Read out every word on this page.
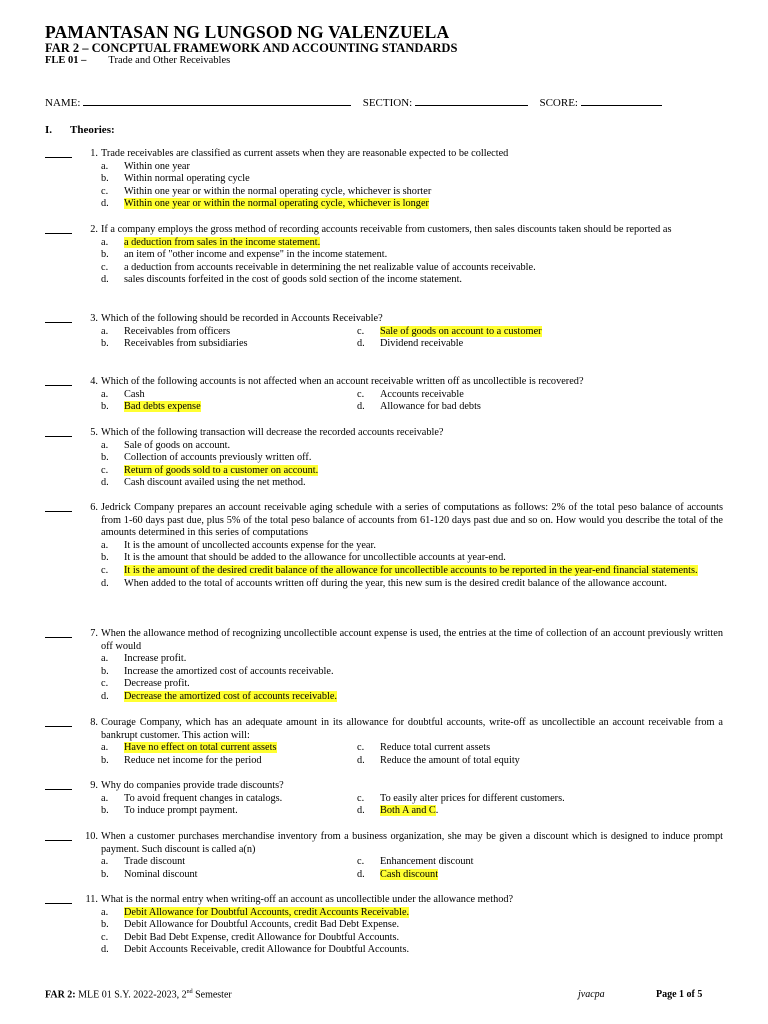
PAMANTASAN NG LUNGSOD NG VALENZUELA
FAR 2 – CONCPTUAL FRAMEWORK AND ACCOUNTING STANDARDS
FLE 01 – Trade and Other Receivables
NAME:	SECTION:	SCORE:
I. Theories:
1. Trade receivables are classified as current assets when they are reasonable expected to be collected
a. Within one year
b. Within normal operating cycle
c. Within one year or within the normal operating cycle, whichever is shorter
d. Within one year or within the normal operating cycle, whichever is longer
2. If a company employs the gross method of recording accounts receivable from customers, then sales discounts taken should be reported as
a. a deduction from sales in the income statement.
b. an item of "other income and expense" in the income statement.
c. a deduction from accounts receivable in determining the net realizable value of accounts receivable.
d. sales discounts forfeited in the cost of goods sold section of the income statement.
3. Which of the following should be recorded in Accounts Receivable?
a. Receivables from officers	c. Sale of goods on account to a customer
b. Receivables from subsidiaries	d. Dividend receivable
4. Which of the following accounts is not affected when an account receivable written off as uncollectible is recovered?
a. Cash	c. Accounts receivable
b. Bad debts expense	d. Allowance for bad debts
5. Which of the following transaction will decrease the recorded accounts receivable?
a. Sale of goods on account.
b. Collection of accounts previously written off.
c. Return of goods sold to a customer on account.
d. Cash discount availed using the net method.
6. Jedrick Company prepares an account receivable aging schedule with a series of computations as follows: 2% of the total peso balance of accounts from 1-60 days past due, plus 5% of the total peso balance of accounts from 61-120 days past due and so on. How would you describe the total of the amounts determined in this series of computations
a. It is the amount of uncollected accounts expense for the year.
b. It is the amount that should be added to the allowance for uncollectible accounts at year-end.
c. It is the amount of the desired credit balance of the allowance for uncollectible accounts to be reported in the year-end financial statements.
d. When added to the total of accounts written off during the year, this new sum is the desired credit balance of the allowance account.
7. When the allowance method of recognizing uncollectible account expense is used, the entries at the time of collection of an account previously written off would
a. Increase profit.
b. Increase the amortized cost of accounts receivable.
c. Decrease profit.
d. Decrease the amortized cost of accounts receivable.
8. Courage Company, which has an adequate amount in its allowance for doubtful accounts, write-off as uncollectible an account receivable from a bankrupt customer. This action will:
a. Have no effect on total current assets	c. Reduce total current assets
b. Reduce net income for the period	d. Reduce the amount of total equity
9. Why do companies provide trade discounts?
a. To avoid frequent changes in catalogs.	c. To easily alter prices for different customers.
b. To induce prompt payment.	d. Both A and C.
10. When a customer purchases merchandise inventory from a business organization, she may be given a discount which is designed to induce prompt payment. Such discount is called a(n)
a. Trade discount	c. Enhancement discount
b. Nominal discount	d. Cash discount
11. What is the normal entry when writing-off an account as uncollectible under the allowance method?
a. Debit Allowance for Doubtful Accounts, credit Accounts Receivable.
b. Debit Allowance for Doubtful Accounts, credit Bad Debt Expense.
c. Debit Bad Debt Expense, credit Allowance for Doubtful Accounts.
d. Debit Accounts Receivable, credit Allowance for Doubtful Accounts.
FAR 2: MLE 01 S.Y. 2022-2023, 2nd Semester	jvacpa	Page 1 of 5
